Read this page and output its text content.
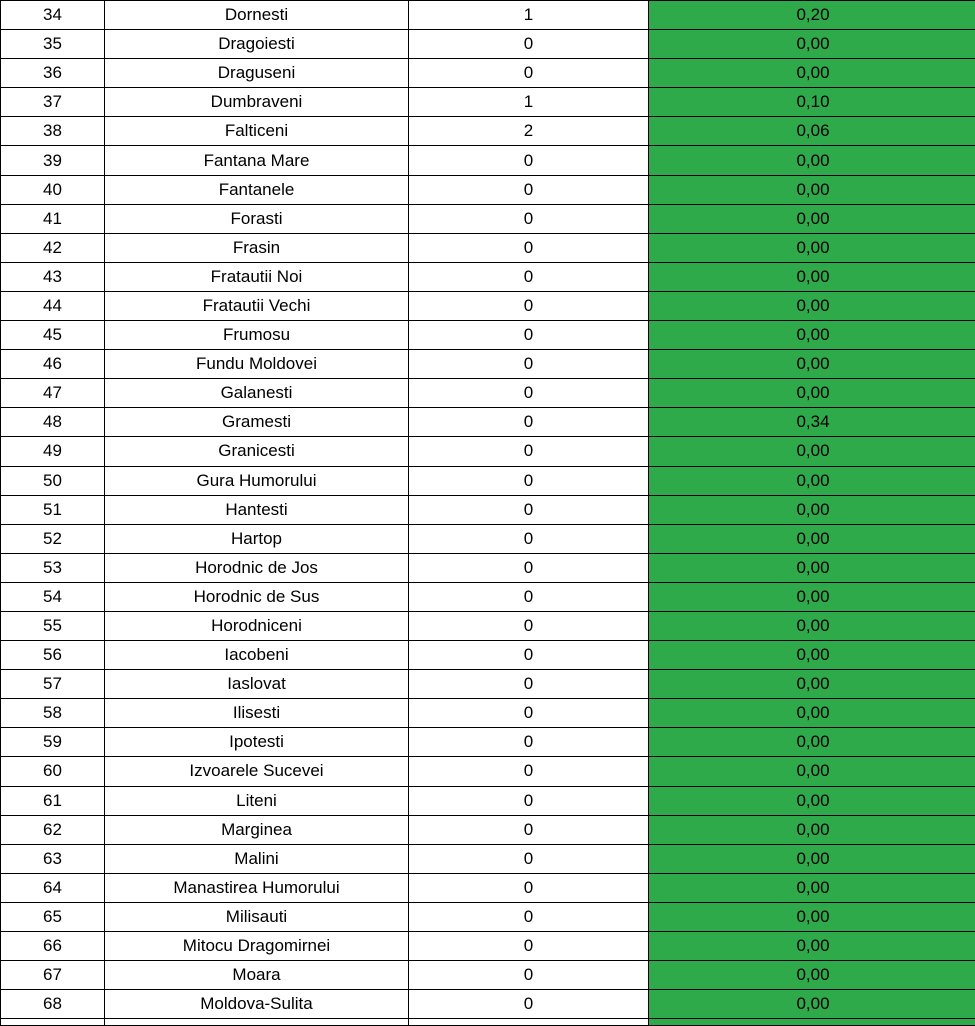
34	Dornesti	1	0,20
35	Dragoiesti	0	0,00
36	Draguseni	0	0,00
37	Dumbraveni	1	0,10
38	Falticeni	2	0,06
39	Fantana Mare	0	0,00
40	Fantanele	0	0,00
41	Forasti	0	0,00
42	Frasin	0	0,00
43	Fratautii Noi	0	0,00
44	Fratautii Vechi	0	0,00
45	Frumosu	0	0,00
46	Fundu Moldovei	0	0,00
47	Galanesti	0	0,00
48	Gramesti	0	0,34
49	Granicesti	0	0,00
50	Gura Humorului	0	0,00
51	Hantesti	0	0,00
52	Hartop	0	0,00
53	Horodnic de Jos	0	0,00
54	Horodnic de Sus	0	0,00
55	Horodniceni	0	0,00
56	Iacobeni	0	0,00
57	Iaslovat	0	0,00
58	Ilisesti	0	0,00
59	Ipotesti	0	0,00
60	Izvoarele Sucevei	0	0,00
61	Liteni	0	0,00
62	Marginea	0	0,00
63	Malini	0	0,00
64	Manastirea Humorului	0	0,00
65	Milisauti	0	0,00
66	Mitocu Dragomirnei	0	0,00
67	Moara	0	0,00
68	Moldova-Sulita	0	0,00
